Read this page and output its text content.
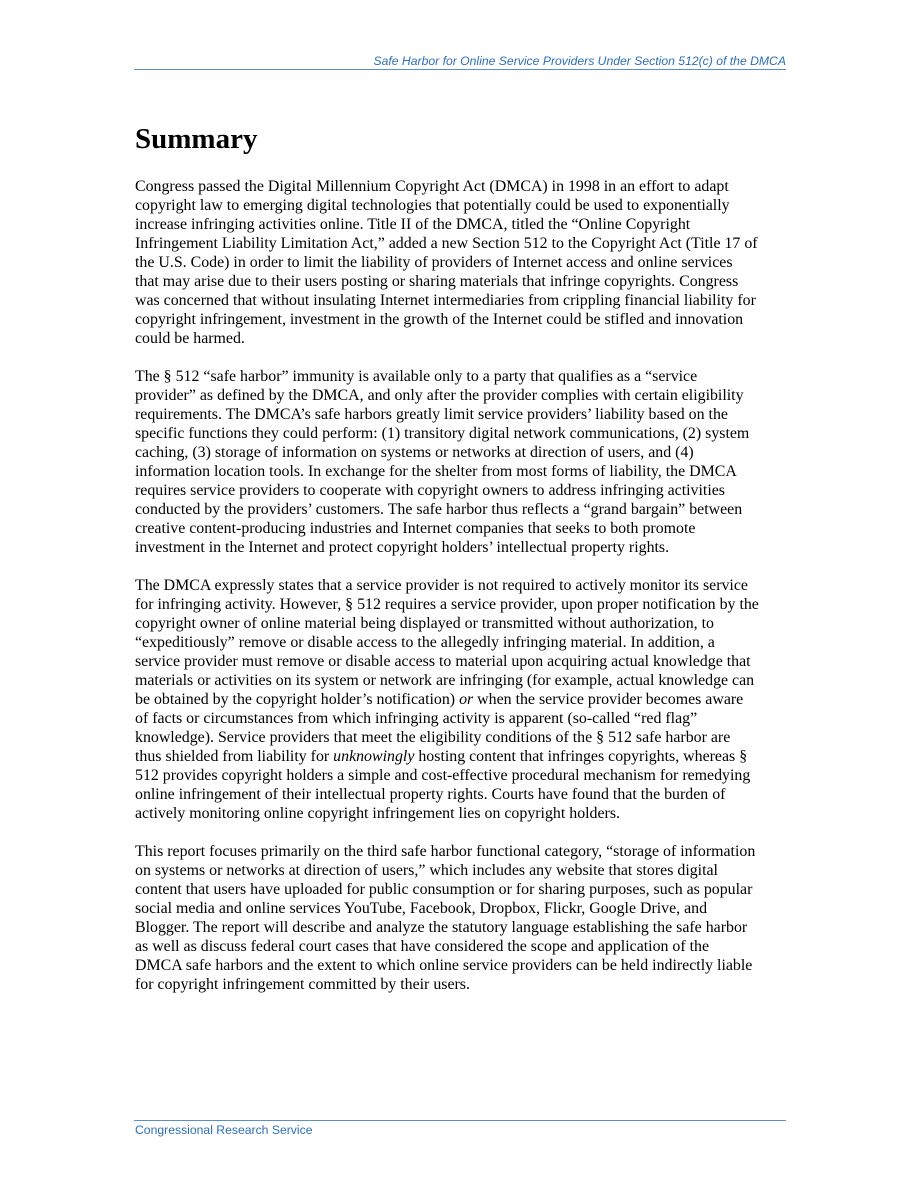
Safe Harbor for Online Service Providers Under Section 512(c) of the DMCA
Summary

Congress passed the Digital Millennium Copyright Act (DMCA) in 1998 in an effort to adapt
copyright law to emerging digital technologies that potentially could be used to exponentially
increase infringing activities online. Title II of the DMCA, titled the “Online Copyright
Infringement Liability Limitation Act,” added a new Section 512 to the Copyright Act (Title 17 of
the U.S. Code) in order to limit the liability of providers of Internet access and online services
that may arise due to their users posting or sharing materials that infringe copyrights. Congress
was concerned that without insulating Internet intermediaries from crippling financial liability for
copyright infringement, investment in the growth of the Internet could be stifled and innovation
could be harmed.

The § 512 “safe harbor” immunity is available only to a party that qualifies as a “service
provider” as defined by the DMCA, and only after the provider complies with certain eligibility
requirements. The DMCA’s safe harbors greatly limit service providers’ liability based on the
specific functions they could perform: (1) transitory digital network communications, (2) system
caching, (3) storage of information on systems or networks at direction of users, and (4)
information location tools. In exchange for the shelter from most forms of liability, the DMCA
requires service providers to cooperate with copyright owners to address infringing activities
conducted by the providers’ customers. The safe harbor thus reflects a “grand bargain” between
creative content-producing industries and Internet companies that seeks to both promote
investment in the Internet and protect copyright holders’ intellectual property rights.

The DMCA expressly states that a service provider is not required to actively monitor its service
for infringing activity. However, § 512 requires a service provider, upon proper notification by the
copyright owner of online material being displayed or transmitted without authorization, to
“expeditiously” remove or disable access to the allegedly infringing material. In addition, a
service provider must remove or disable access to material upon acquiring actual knowledge that
materials or activities on its system or network are infringing (for example, actual knowledge can
be obtained by the copyright holder’s notification) or when the service provider becomes aware
of facts or circumstances from which infringing activity is apparent (so-called “red flag”
knowledge). Service providers that meet the eligibility conditions of the § 512 safe harbor are
thus shielded from liability for unknowingly hosting content that infringes copyrights, whereas §
512 provides copyright holders a simple and cost-effective procedural mechanism for remedying
online infringement of their intellectual property rights. Courts have found that the burden of
actively monitoring online copyright infringement lies on copyright holders.

This report focuses primarily on the third safe harbor functional category, “storage of information
on systems or networks at direction of users,” which includes any website that stores digital
content that users have uploaded for public consumption or for sharing purposes, such as popular
social media and online services YouTube, Facebook, Dropbox, Flickr, Google Drive, and
Blogger. The report will describe and analyze the statutory language establishing the safe harbor
as well as discuss federal court cases that have considered the scope and application of the
DMCA safe harbors and the extent to which online service providers can be held indirectly liable
for copyright infringement committed by their users.

Congressional Research Service
